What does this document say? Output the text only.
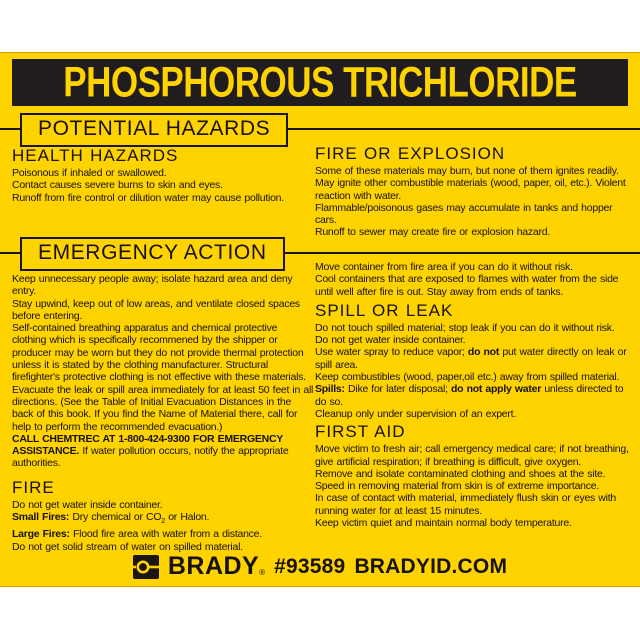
PHOSPHOROUS TRICHLORIDE
POTENTIAL HAZARDS
HEALTH HAZARDS

Poisonous if inhaled or swallowed.

Contact causes severe burns to skin and eyes.

Runoff from fire control or dilution water may cause pollution.

FIRE OR EXPLOSION

Some of these materials may burn, but none of them ignites readily.

May ignite other combustible materials (wood, paper, oil, etc.). Violent reaction with water.

Flammable/poisonous gases may accumulate in tanks and hopper cars.

Runoff to sewer may create fire or explosion hazard.

EMERGENCY ACTION

Keep unnecessary people away; isolate hazard area and deny entry.

Stay upwind, keep out of low areas, and ventilate closed spaces before entering.

Self-contained breathing apparatus and chemical protective clothing which is specifically recommened by the shipper or producer may be worn but they do not provide thermal protection unless it is stated by the clothing manufacturer. Structural firefighter's protective clothing is not effective with these materials.

Evacuate the leak or spill area immediately for at least 50 feet in all directions. (See the Table of Initial Evacuation Distances in the back of this book. If you find the Name of Material there, call for help to perform the recommended evacuation.)

CALL CHEMTREC AT 1-800-424-9300 FOR EMERGENCY ASSISTANCE. If water pollution occurs, notify the appropriate authorities.

FIRE

Do not get water inside container.

Small Fires: Dry chemical or $CO_2$ or Halon.

Large Fires: Flood fire area with water from a distance.

Do not get solid stream of water on spilled material.

Move container from fire area if you can do it without risk.

Cool containers that are exposed to flames with water from the side until well after fire is out. Stay away from ends of tanks.

SPILL OR LEAK

Do not touch spilled material; stop leak if you can do it without risk.

Do not get water inside container.

Use water spray to reduce vapor; do not put water directly on leak or spill area.

Keep combustibles (wood, paper,oil etc.) away from spilled material.

Spills: Dike for later disposal; do not apply water unless directed to do so.

Cleanup only under supervision of an expert.

FIRST AID

Move victim to fresh air; call emergency medical care; if not breathing, give artificial respiration; if breathing is difficult, give oxygen.

Remove and isolate contaminated clothing and shoes at the site.

Speed in removing material from skin is of extreme importance.

In case of contact with material, immediately flush skin or eyes with running water for at least 15 minutes.

Keep victim quiet and maintain normal body temperature.

BRADY ® #93589 BRADYID.COM
